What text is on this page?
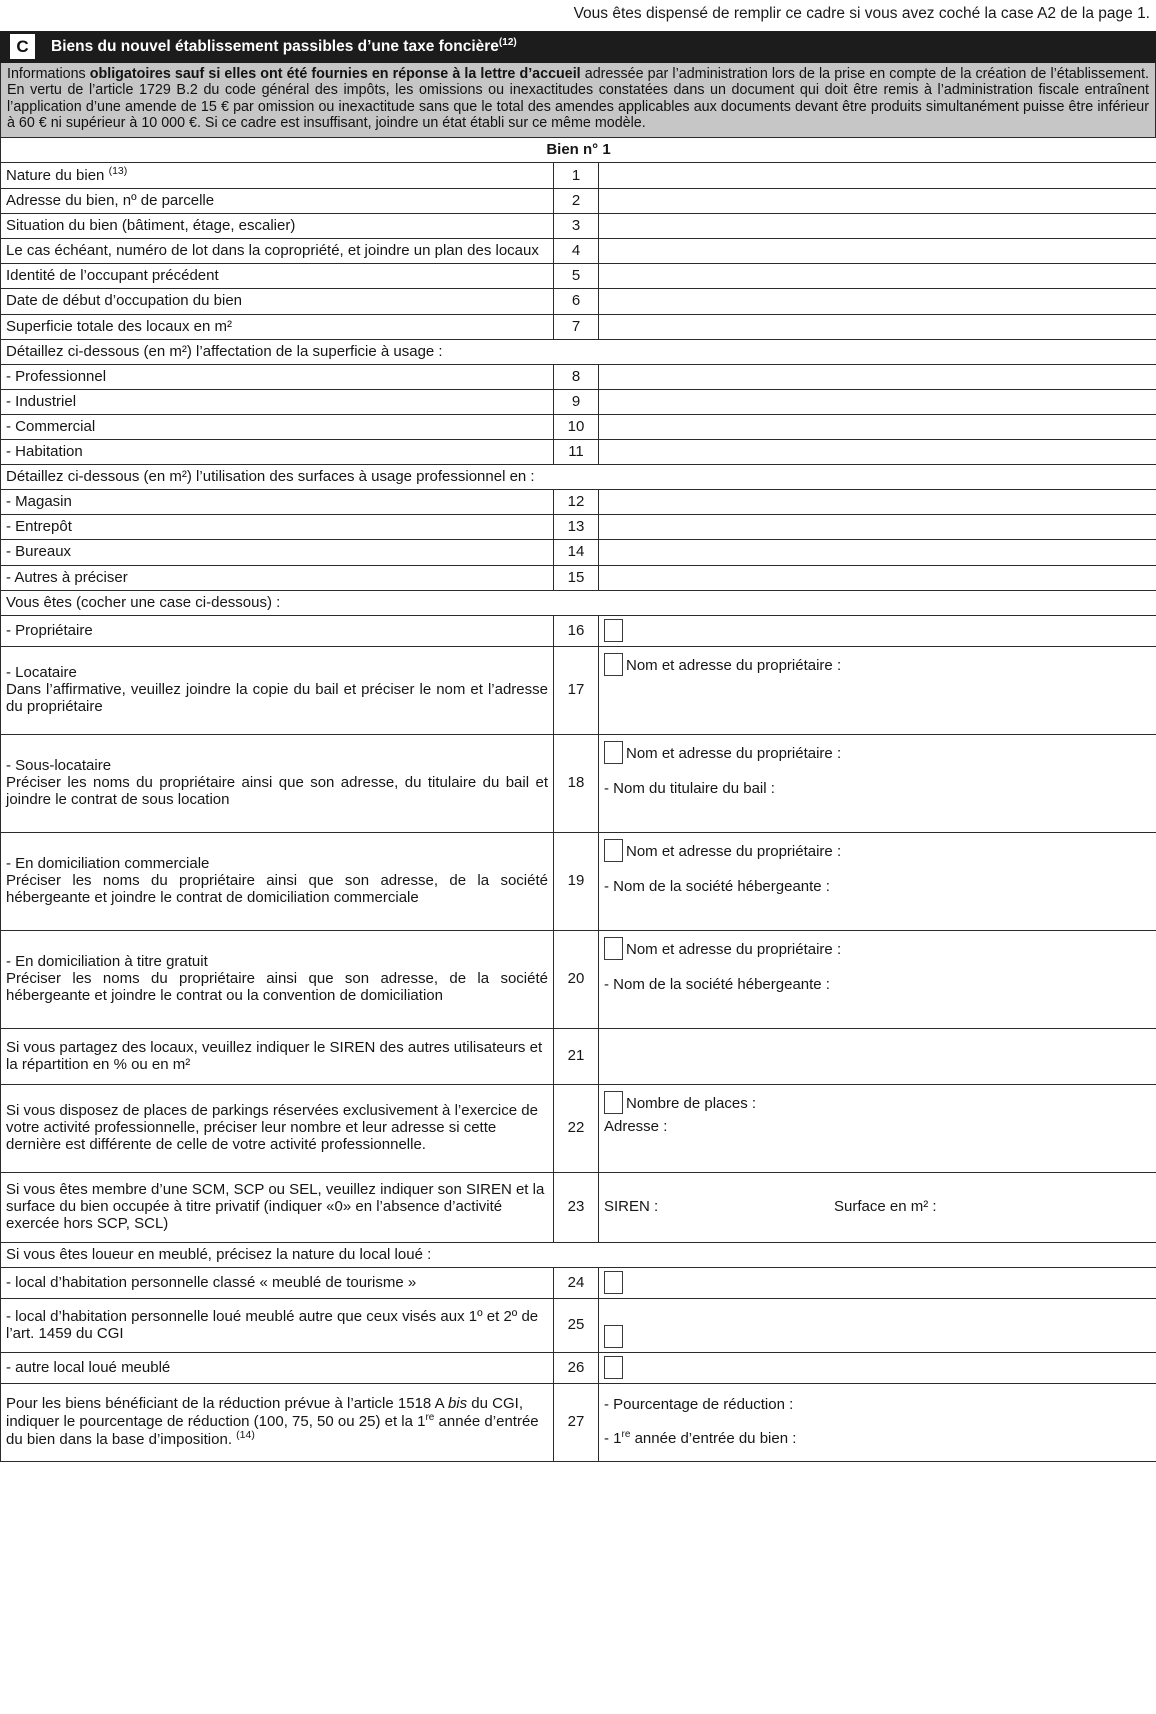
Vous êtes dispensé de remplir ce cadre si vous avez coché la case A2 de la page 1.
C	Biens du nouvel établissement passibles d’une taxe foncière$^{(12)}$
Informations obligatoires sauf si elles ont été fournies en réponse à la lettre d’accueil adressée par l’administration lors de la prise en compte de la création de l’établissement. En vertu de l’article 1729 B.2 du code général des impôts, les omissions ou inexactitudes constatées dans un document qui doit être remis à l’administration fiscale entraînent l’application d’une amende de 15 € par omission ou inexactitude sans que le total des amendes applicables aux documents devant être produits simultanément puisse être inférieur à 60 € ni supérieur à 10 000 €. Si ce cadre est insuffisant, joindre un état établi sur ce même modèle.
Bien n° 1		
Nature du bien $^{(13)}$	1	
Adresse du bien, nº de parcelle	2	
Situation du bien (bâtiment, étage, escalier)	3	
Le cas échéant, numéro de lot dans la copropriété, et joindre un plan des locaux	4	
Identité de l’occupant précédent	5	
Date de début d’occupation du bien	6	
Superficie totale des locaux en m²	7	
Détaillez ci-dessous (en m²) l’affectation de la superficie à usage :		
- Professionnel	8	
- Industriel	9	
- Commercial	10	
- Habitation	11	
Détaillez ci-dessous (en m²) l’utilisation des surfaces à usage professionnel en :		
- Magasin	12	
- Entrepôt	13	
- Bureaux	14	
- Autres à préciser	15	
Vous êtes (cocher une case ci-dessous) :		
- Propriétaire	16	

- Locataire
Dans l’affirmative, veuillez joindre la copie du bail et préciser le nom et l’adresse du propriétaire	17	Nom et adresse du propriétaire :

- Sous-locataire
Préciser les noms du propriétaire ainsi que son adresse, du titulaire du bail et joindre le contrat de sous location	18	Nom et adresse du propriétaire :
- Nom du titulaire du bail :

- En domiciliation commerciale
Préciser les noms du propriétaire ainsi que son adresse, de la société hébergeante et joindre le contrat de domiciliation commerciale	19	Nom et adresse du propriétaire :
- Nom de la société hébergeante :

- En domiciliation à titre gratuit
Préciser les noms du propriétaire ainsi que son adresse, de la société hébergeante et joindre le contrat ou la convention de domiciliation	20	Nom et adresse du propriétaire :
- Nom de la société hébergeante :

Si vous partagez des locaux, veuillez indiquer le SIREN des autres utilisateurs et la répartition en % ou en m²	21	
Si vous disposez de places de parkings réservées exclusivement à l’exercice de votre activité professionnelle, préciser leur nombre et leur adresse si cette dernière est différente de celle de votre activité professionnelle.	22	Nombre de places :
Adresse :

Si vous êtes membre d’une SCM, SCP ou SEL, veuillez indiquer son SIREN et la surface du bien occupée à titre privatif (indiquer «0» en l’absence d’activité exercée hors SCP, SCL)	23	SIREN : Surface en m² :
Si vous êtes loueur en meublé, précisez la nature du local loué :		
- local d’habitation personnelle classé « meublé de tourisme »	24	
- local d’habitation personnelle loué meublé autre que ceux visés aux 1º et 2º de l’art. 1459 du CGI	25	
- autre local loué meublé	26	
Pour les biens bénéficiant de la réduction prévue à l’article 1518 A bis du CGI, indiquer le pourcentage de réduction (100, 75, 50 ou 25) et la 1re année d’entrée du bien dans la base d’imposition. $^{(14)}$	27	- Pourcentage de réduction :
- 1re année d’entrée du bien :
